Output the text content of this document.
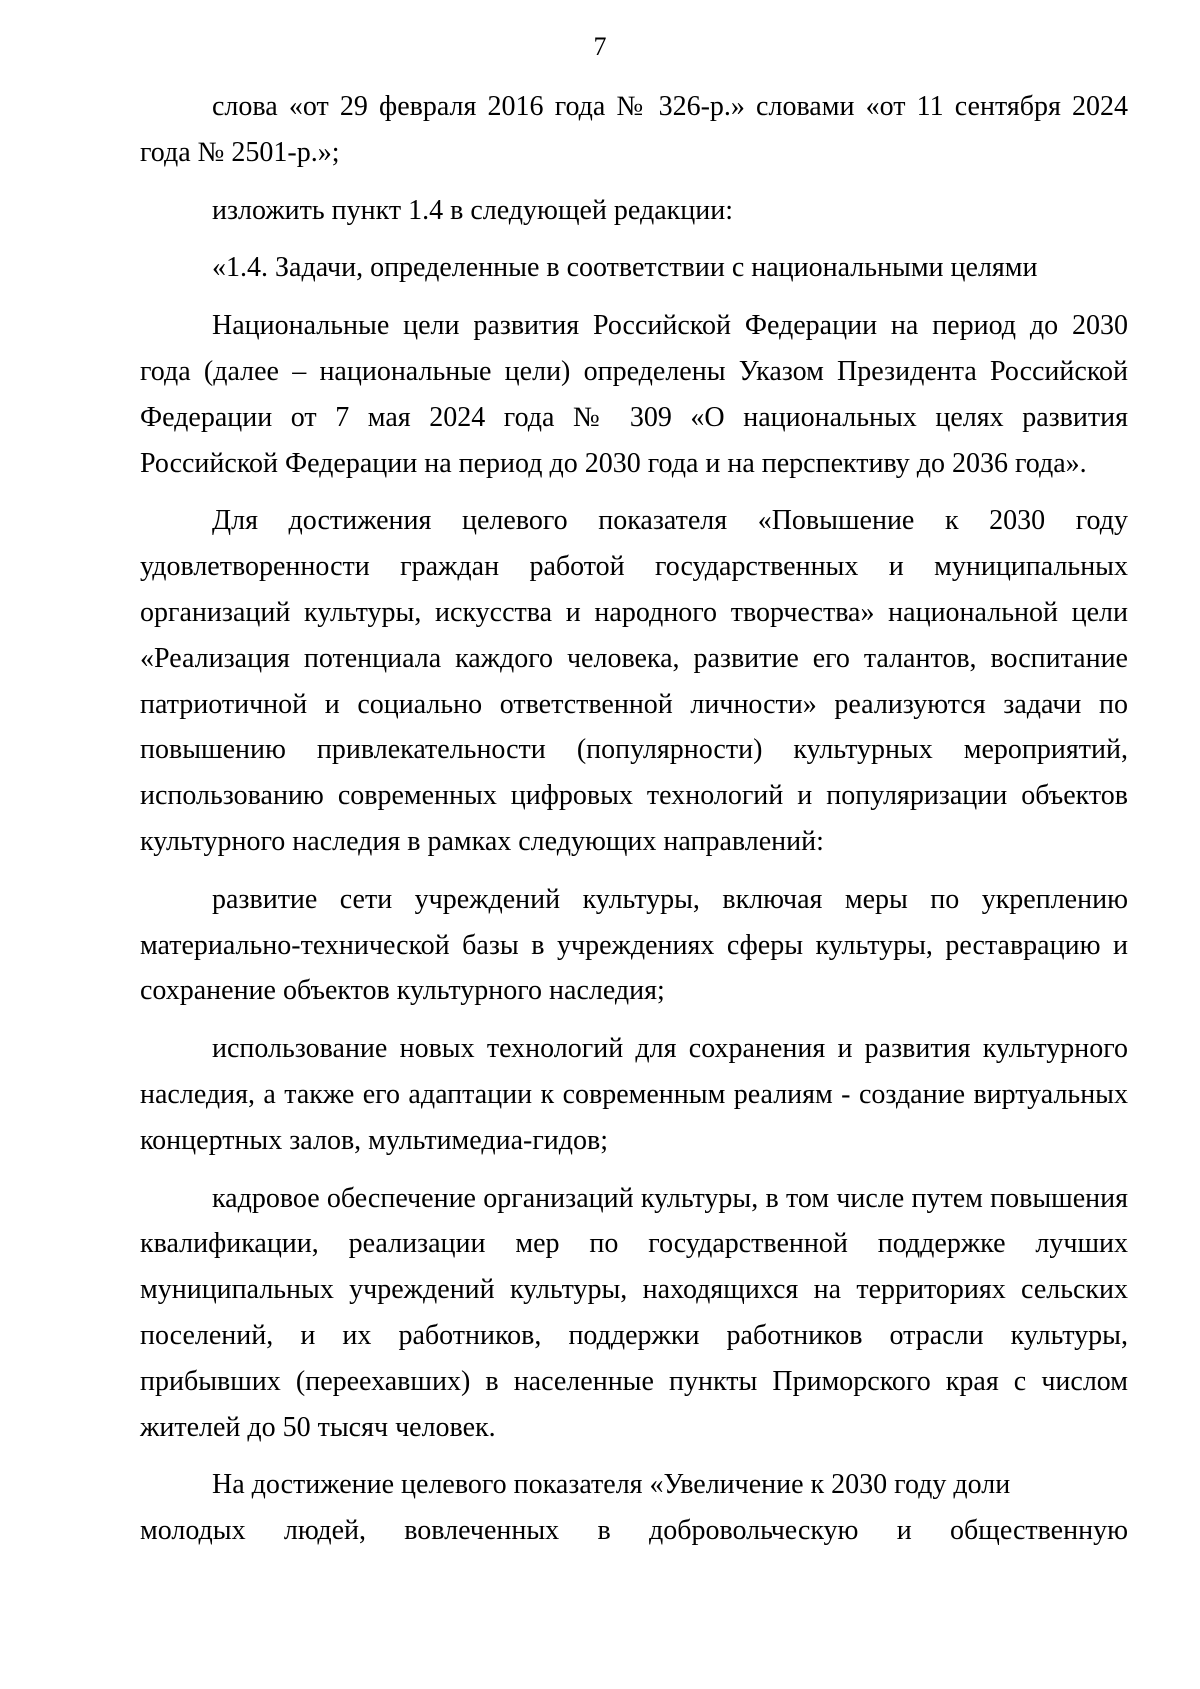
7

слова «от 29 февраля 2016 года № 326-р.» словами «от 11 сентября 2024 года № 2501-р.»;

изложить пункт 1.4 в следующей редакции:

«1.4. Задачи, определенные в соответствии с национальными целями

Национальные цели развития Российской Федерации на период до 2030 года (далее – национальные цели) определены Указом Президента Российской Федерации от 7 мая 2024 года № 309 «О национальных целях развития Российской Федерации на период до 2030 года и на перспективу до 2036 года».

Для достижения целевого показателя «Повышение к 2030 году удовлетворенности граждан работой государственных и муниципальных организаций культуры, искусства и народного творчества» национальной цели «Реализация потенциала каждого человека, развитие его талантов, воспитание патриотичной и социально ответственной личности» реализуются задачи по повышению привлекательности (популярности) культурных мероприятий, использованию современных цифровых технологий и популяризации объектов культурного наследия в рамках следующих направлений:

развитие сети учреждений культуры, включая меры по укреплению материально-технической базы в учреждениях сферы культуры, реставрацию и сохранение объектов культурного наследия;

использование новых технологий для сохранения и развития культурного наследия, а также его адаптации к современным реалиям - создание виртуальных концертных залов, мультимедиа-гидов;

кадровое обеспечение организаций культуры, в том числе путем повышения квалификации, реализации мер по государственной поддержке лучших муниципальных учреждений культуры, находящихся на территориях сельских поселений, и их работников, поддержки работников отрасли культуры, прибывших (переехавших) в населенные пункты Приморского края с числом жителей до 50 тысяч человек.

На достижение целевого показателя «Увеличение к 2030 году доли

молодых людей, вовлеченных в добровольческую и общественную
